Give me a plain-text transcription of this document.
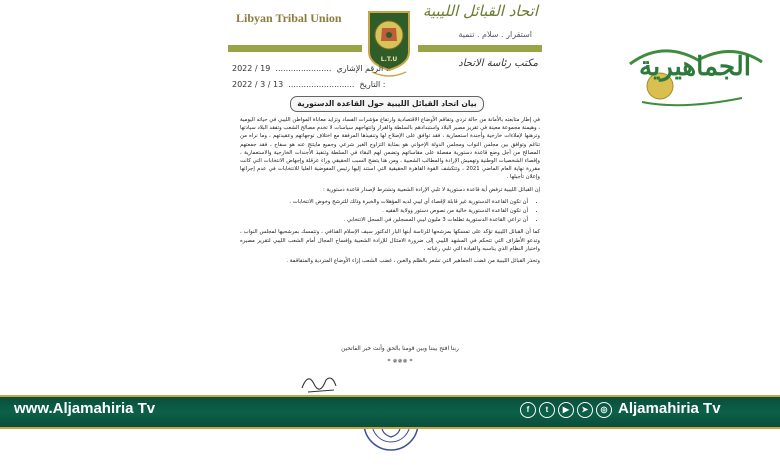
Libyan Tribal Union
L.T.U
اتحاد القبائل الليبية
استقرار . سلام . تنمية
مكتب رئاسة الاتحاد
2022 / 19  ......................  الرقم الإشاري :
2022 / 3 / 13  ..........................  التاريخ :
بيان اتحاد القبائل الليبية حول القاعدة الدستورية

في إطار متابعته بالأمانة من حالة تردي وتفاقم الأوضاع الاقتصادية وارتفاع مؤشرات الفساد وتزايد معاناة المواطن الليبي في حياته اليومية ، وهيمنة مجموعة معينة في تقرير مصير البلاد واستبدادهم بالسلطة والقرار وانتهاجهم سياسات لا تخدم مصالح الشعب وتفقد البلاد سيادتها وترهنها لإملاءات خارجية وأجندة استعمارية ، فقد توافق على الإصلاح لها وتنفيذها المرفقة مع اختلاف توجهاتهم وعقيدتهم ، وما نراه من تناغم وتوافق بين مجلس النواب ومجلس الدولة الإخواني هو بمثابة التزاوج الغير شرعي وجميع مايتتج عنه هو سفاح ، فقد جمعتهم المصالح من أجل وضع قاعدة دستورية مفصلة على مقاساتهم وتضمن لهم البقاء في السلطة وتنفيذ الأجندات الخارجية والاستعمارية ، وإقصاء الشخصيات الوطنية وتهميش الإرادة والمطالب الشعبية ، ومن هنا يتضح السبب الحقيقي وراء عرقلة وإجهاض الانتخابات التي كانت مقررة نهاية العام الماضي 2021 ، وتتكشف القوة القاهرة الحقيقية التي استند إليها رئيس المفوضية العليا للانتخابات في عدم إجرائها وإعلان تأجيلها .

إن القبائل الليبية ترفض أية قاعدة دستورية لا تلبي الإرادة الشعبية وتشترط لإصدار قاعدة دستورية :

• أن تكون القاعدة الدستورية غير قابلة لإقصاء أي ليبي لديه المؤهلات والخبرة وذلك للترشح وخوض الانتخابات .
• أن تكون القاعدة الدستورية خالية من نصوص دستور وولاية الفقيه .
• أن تراعي القاعدة الدستورية تطلعات 3 مليون ليبي المسجلين في السجل الانتخابي .

كما أن القبائل الليبية تؤكد على تمسكها بمرشحها للرئاسة أبنها البار الدكتور سيف الإسلام القذافي ، وتتمسك بمرشحيها لمجلس النواب ، وتدعو الأطراف التي تتحكم في المشهد الليبي إلى ضرورة الامتثال للإرادة الشعبية وإفساح المجال أمام الشعب الليبي لتقرير مصيره واختيار النظام الذي يناسبه والقيادة التي تلبي رغباته .

وتحذر القبائل الليبية من غضب الجماهير التي تشعر بالظلم والغبن ، غضب الشعب إزاء الأوضاع المتردية والمتفاقمة .

ربنا افتح بيننا وبين قومنا بالحق وأنت خير الفاتحين
* ✵✵✵ *
الجماهيرية
www.Aljamahiria Tv	f	t	▶	➤	◎ Aljamahiria Tv
